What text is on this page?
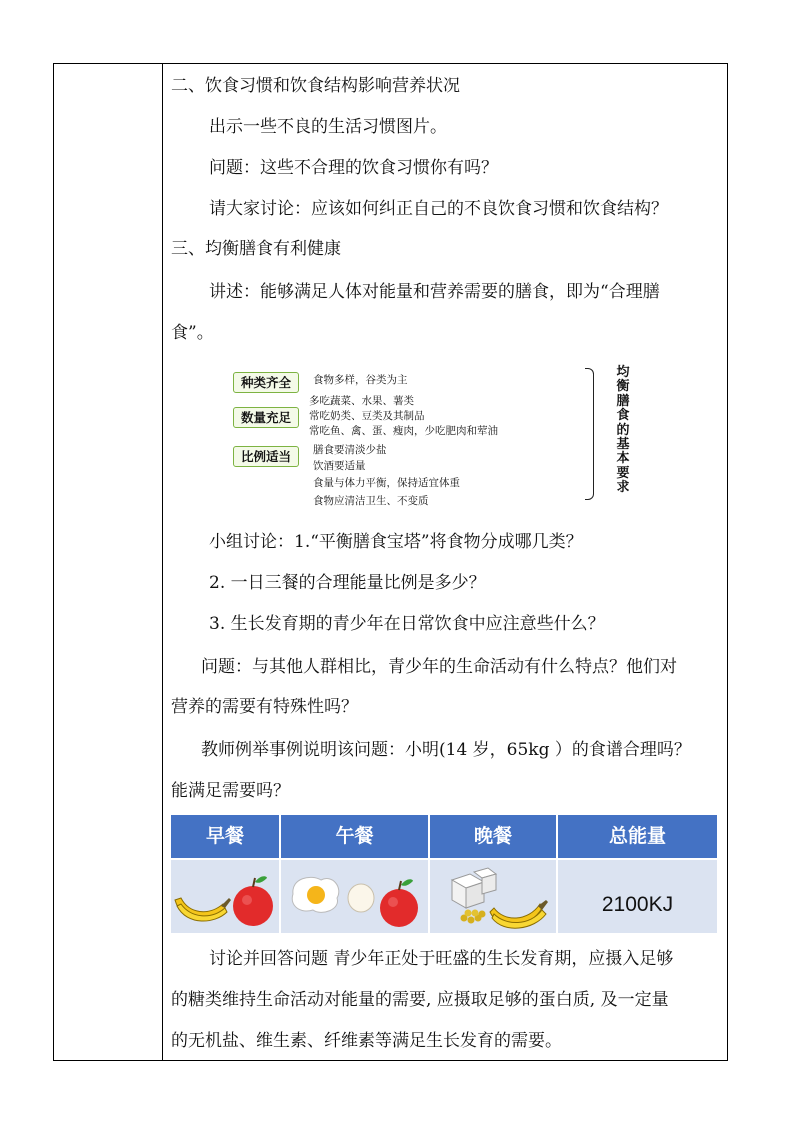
二、饮食习惯和饮食结构影响营养状况
出示一些不良的生活习惯图片。
问题：这些不合理的饮食习惯你有吗？
请大家讨论：应该如何纠正自己的不良饮食习惯和饮食结构？
三、均衡膳食有利健康
讲述：能够满足人体对能量和营养需要的膳食，即为“合理膳
食”。
小组讨论：1.“平衡膳食宝塔”将食物分成哪几类？
2. 一日三餐的合理能量比例是多少？
3. 生长发育期的青少年在日常饮食中应注意些什么？
问题：与其他人群相比，青少年的生命活动有什么特点？他们对
营养的需要有特殊性吗？
教师例举事例说明该问题：小明(14 岁，65kg ）的食谱合理吗？
能满足需要吗？
讨论并回答问题 青少年正处于旺盛的生长发育期，应摄入足够
的糖类维持生命活动对能量的需要, 应摄取足够的蛋白质, 及一定量
的无机盐、维生素、纤维素等满足生长发育的需要。
种类齐全
数量充足
比例适当
食物多样，谷类为主
多吃蔬菜、水果、薯类
常吃奶类、豆类及其制品
常吃鱼、禽、蛋、瘦肉，少吃肥肉和荤油
膳食要清淡少盐
饮酒要适量
食量与体力平衡，保持适宜体重
食物应清洁卫生、不变质
均衡膳食的基本要求
早餐	午餐	晚餐	总能量
2100KJ
